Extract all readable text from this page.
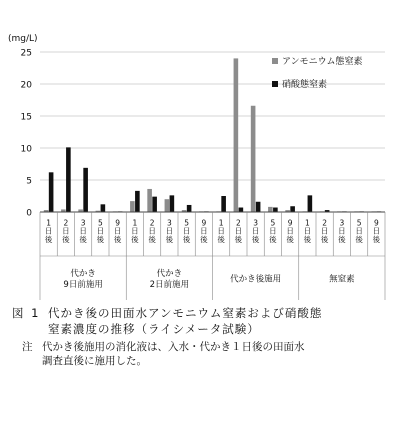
(mg/L)
0
5
10
15
20
25
1 日後
2 日後
3 日後
5 日後
9 日後
1 日後
2 日後
3 日後
5 日後
9 日後
1 日後
2 日後
3 日後
5 日後
9 日後
1 日後
2 日後
3 日後
5 日後
9 日後
代かき
9日前施用
代かき
2日前施用
代かき後施用	無窒素
アンモニウム態窒素
硝酸態窒素
図 1 代かき後の田面水アンモニウム窒素および硝酸態
窒素濃度の推移（ライシメータ試験）
注 代かき後施用の消化液は、入水・代かき１日後の田面水
調査直後に施用した。
